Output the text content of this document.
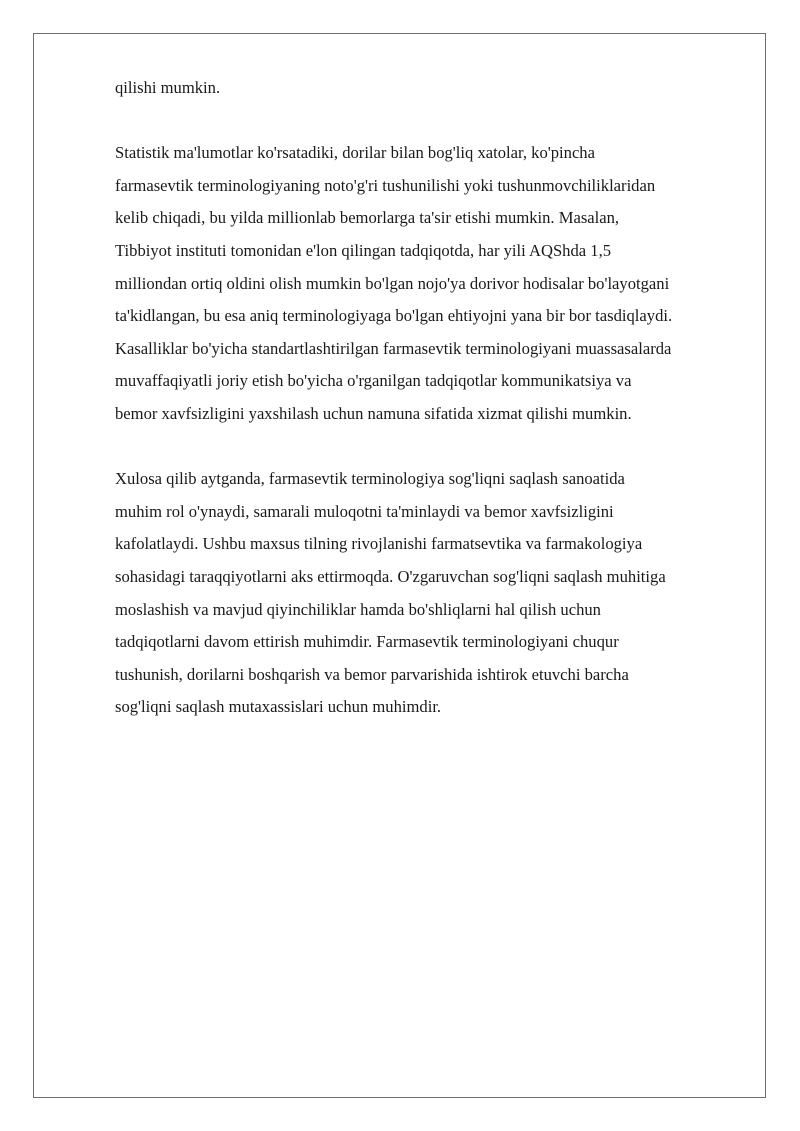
qilishi mumkin.

Statistik ma'lumotlar ko'rsatadiki, dorilar bilan bog'liq xatolar, ko'pincha farmasevtik terminologiyaning noto'g'ri tushunilishi yoki tushunmovchiliklaridan kelib chiqadi, bu yilda millionlab bemorlarga ta'sir etishi mumkin. Masalan, Tibbiyot instituti tomonidan e'lon qilingan tadqiqotda, har yili AQShda 1,5 milliondan ortiq oldini olish mumkin bo'lgan nojo'ya dorivor hodisalar bo'layotgani ta'kidlangan, bu esa aniq terminologiyaga bo'lgan ehtiyojni yana bir bor tasdiqlaydi. Kasalliklar bo'yicha standartlashtirilgan farmasevtik terminologiyani muassasalarda muvaffaqiyatli joriy etish bo'yicha o'rganilgan tadqiqotlar kommunikatsiya va bemor xavfsizligini yaxshilash uchun namuna sifatida xizmat qilishi mumkin.

Xulosa qilib aytganda, farmasevtik terminologiya sog'liqni saqlash sanoatida muhim rol o'ynaydi, samarali muloqotni ta'minlaydi va bemor xavfsizligini kafolatlaydi. Ushbu maxsus tilning rivojlanishi farmatsevtika va farmakologiya sohasidagi taraqqiyotlarni aks ettirmoqda. O'zgaruvchan sog'liqni saqlash muhitiga moslashish va mavjud qiyinchiliklar hamda bo'shliqlarni hal qilish uchun tadqiqotlarni davom ettirish muhimdir. Farmasevtik terminologiyani chuqur tushunish, dorilarni boshqarish va bemor parvarishida ishtirok etuvchi barcha sog'liqni saqlash mutaxassislari uchun muhimdir.
